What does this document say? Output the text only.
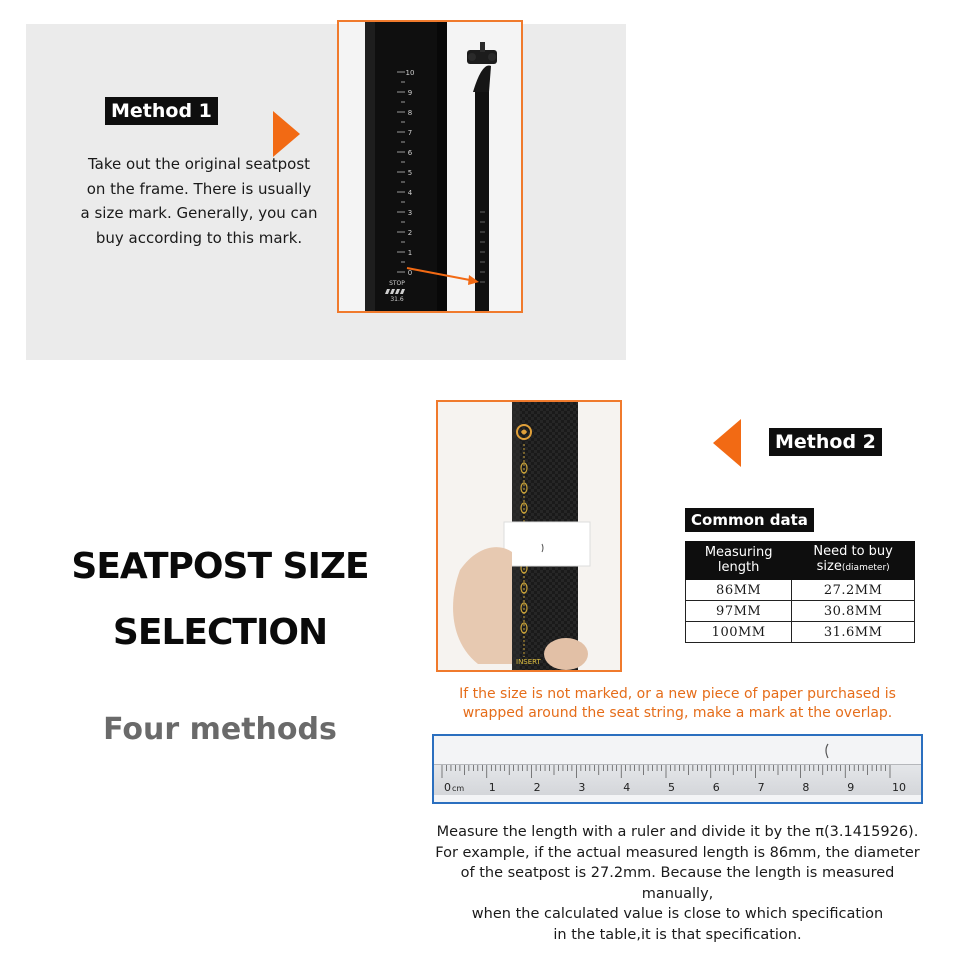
Method 1
Take out the original seatpost
on the frame. There is usually
a size mark. Generally, you can
buy according to this mark.
10
9
8
7
6
5
4
3
2
1
0
STOP
31.6
SEATPOST SIZE
SELECTION
Four methods
INSERT
Method 2
Common data
Measuring
length	Need to buy
size(diameter)
86MM	27.2MM
97MM	30.8MM
100MM	31.6MM
If the size is not marked, or a new piece of paper purchased is
wrapped around the seat string, make a mark at the overlap.
0	1	2	3	4	5	6	7	8	9	10
cm
Measure the length with a ruler and divide it by the π(3.1415926).
For example, if the actual measured length is 86mm, the diameter
of the seatpost is 27.2mm. Because the length is measured manually,
when the calculated value is close to which specification
in the table,it is that specification.
